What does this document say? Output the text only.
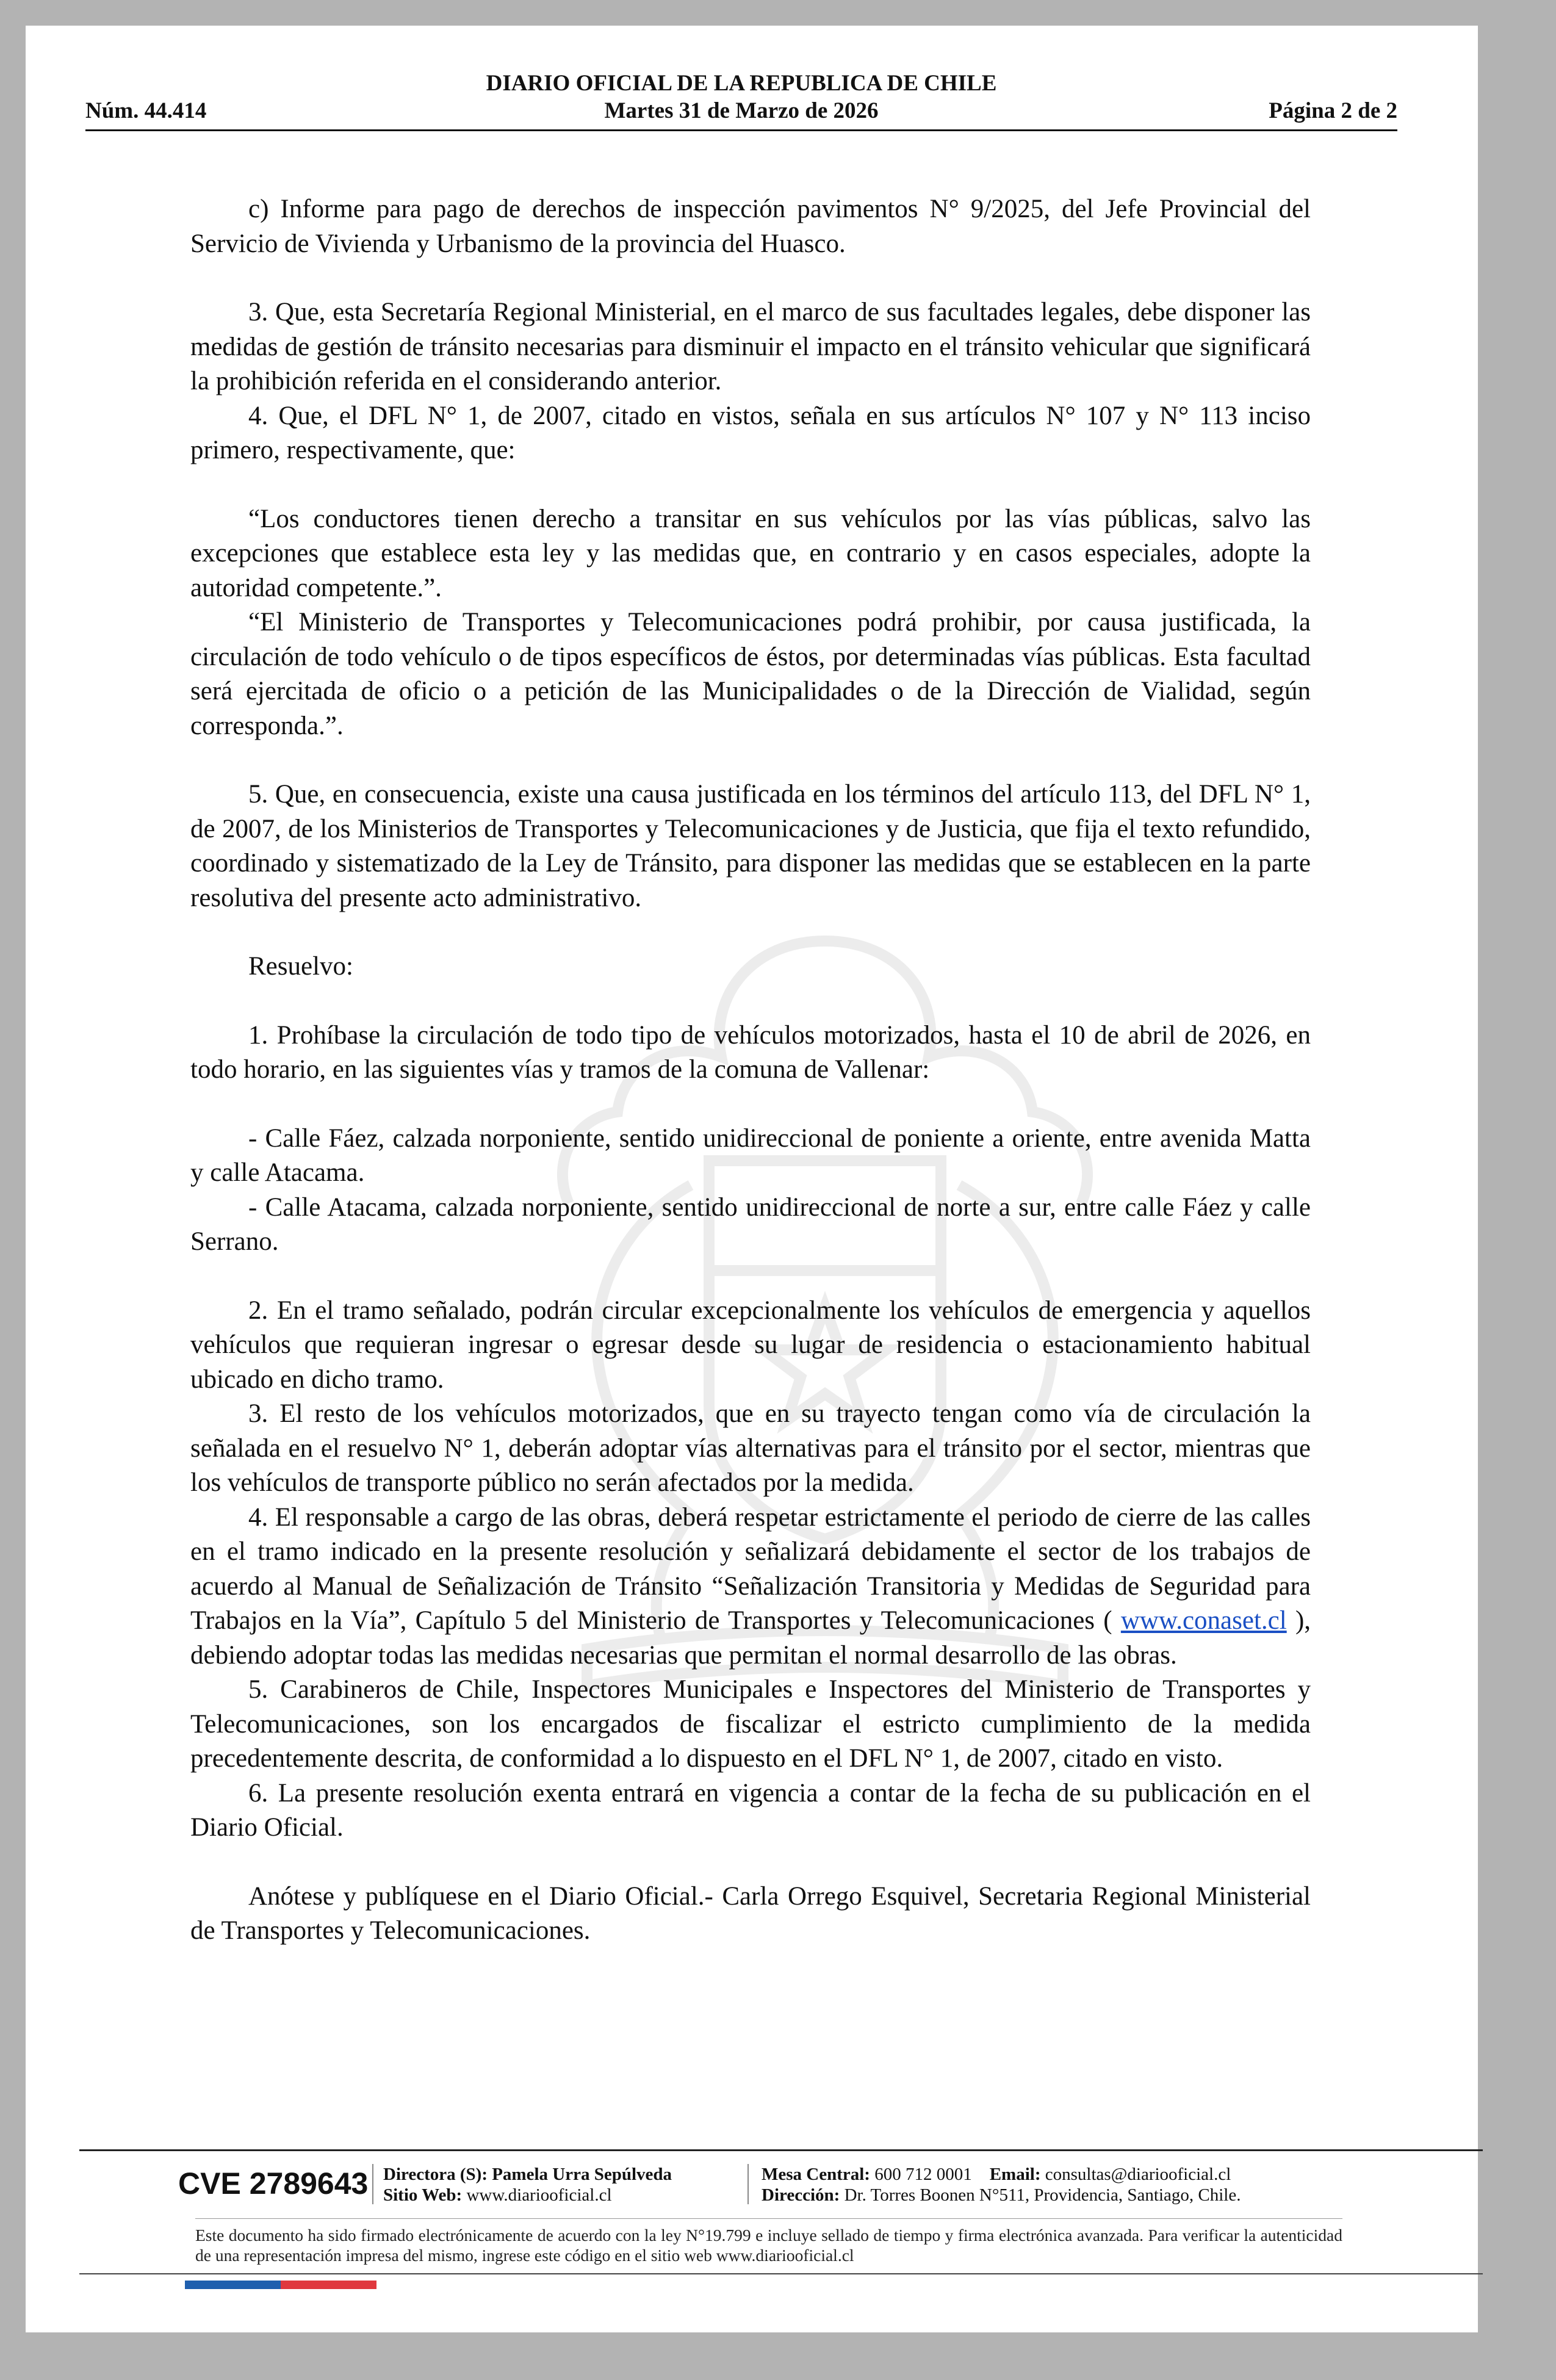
DIARIO OFICIAL DE LA REPUBLICA DE CHILE
Núm. 44.414	Martes 31 de Marzo de 2026	Página 2 de 2

c) Informe para pago de derechos de inspección pavimentos N° 9/2025, del Jefe Provincial del Servicio de Vivienda y Urbanismo de la provincia del Huasco.

3. Que, esta Secretaría Regional Ministerial, en el marco de sus facultades legales, debe disponer las medidas de gestión de tránsito necesarias para disminuir el impacto en el tránsito vehicular que significará la prohibición referida en el considerando anterior.

4. Que, el DFL N° 1, de 2007, citado en vistos, señala en sus artículos N° 107 y N° 113 inciso primero, respectivamente, que:

“Los conductores tienen derecho a transitar en sus vehículos por las vías públicas, salvo las excepciones que establece esta ley y las medidas que, en contrario y en casos especiales, adopte la autoridad competente.”.

“El Ministerio de Transportes y Telecomunicaciones podrá prohibir, por causa justificada, la circulación de todo vehículo o de tipos específicos de éstos, por determinadas vías públicas. Esta facultad será ejercitada de oficio o a petición de las Municipalidades o de la Dirección de Vialidad, según corresponda.”.

5. Que, en consecuencia, existe una causa justificada en los términos del artículo 113, del DFL N° 1, de 2007, de los Ministerios de Transportes y Telecomunicaciones y de Justicia, que fija el texto refundido, coordinado y sistematizado de la Ley de Tránsito, para disponer las medidas que se establecen en la parte resolutiva del presente acto administrativo.

Resuelvo:

1. Prohíbase la circulación de todo tipo de vehículos motorizados, hasta el 10 de abril de 2026, en todo horario, en las siguientes vías y tramos de la comuna de Vallenar:

- Calle Fáez, calzada norponiente, sentido unidireccional de poniente a oriente, entre avenida Matta y calle Atacama.

- Calle Atacama, calzada norponiente, sentido unidireccional de norte a sur, entre calle Fáez y calle Serrano.

2. En el tramo señalado, podrán circular excepcionalmente los vehículos de emergencia y aquellos vehículos que requieran ingresar o egresar desde su lugar de residencia o estacionamiento habitual ubicado en dicho tramo.

3. El resto de los vehículos motorizados, que en su trayecto tengan como vía de circulación la señalada en el resuelvo N° 1, deberán adoptar vías alternativas para el tránsito por el sector, mientras que los vehículos de transporte público no serán afectados por la medida.

4. El responsable a cargo de las obras, deberá respetar estrictamente el periodo de cierre de las calles en el tramo indicado en la presente resolución y señalizará debidamente el sector de los trabajos de acuerdo al Manual de Señalización de Tránsito “Señalización Transitoria y Medidas de Seguridad para Trabajos en la Vía”, Capítulo 5 del Ministerio de Transportes y Telecomunicaciones ( www.conaset.cl ), debiendo adoptar todas las medidas necesarias que permitan el normal desarrollo de las obras.

5. Carabineros de Chile, Inspectores Municipales e Inspectores del Ministerio de Transportes y Telecomunicaciones, son los encargados de fiscalizar el estricto cumplimiento de la medida precedentemente descrita, de conformidad a lo dispuesto en el DFL N° 1, de 2007, citado en visto.

6. La presente resolución exenta entrará en vigencia a contar de la fecha de su publicación en el Diario Oficial.

Anótese y publíquese en el Diario Oficial.- Carla Orrego Esquivel, Secretaria Regional Ministerial de Transportes y Telecomunicaciones.

CVE 2789643 Directora (S): Pamela Urra Sepúlveda
Sitio Web: www.diariooficial.cl
Mesa Central: 600 712 0001 Email: consultas@diariooficial.cl
Dirección: Dr. Torres Boonen N°511, Providencia, Santiago, Chile.
Este documento ha sido firmado electrónicamente de acuerdo con la ley N°19.799 e incluye sellado de tiempo y firma electrónica avanzada. Para verificar la autenticidad de una representación impresa del mismo, ingrese este código en el sitio web www.diariooficial.cl
